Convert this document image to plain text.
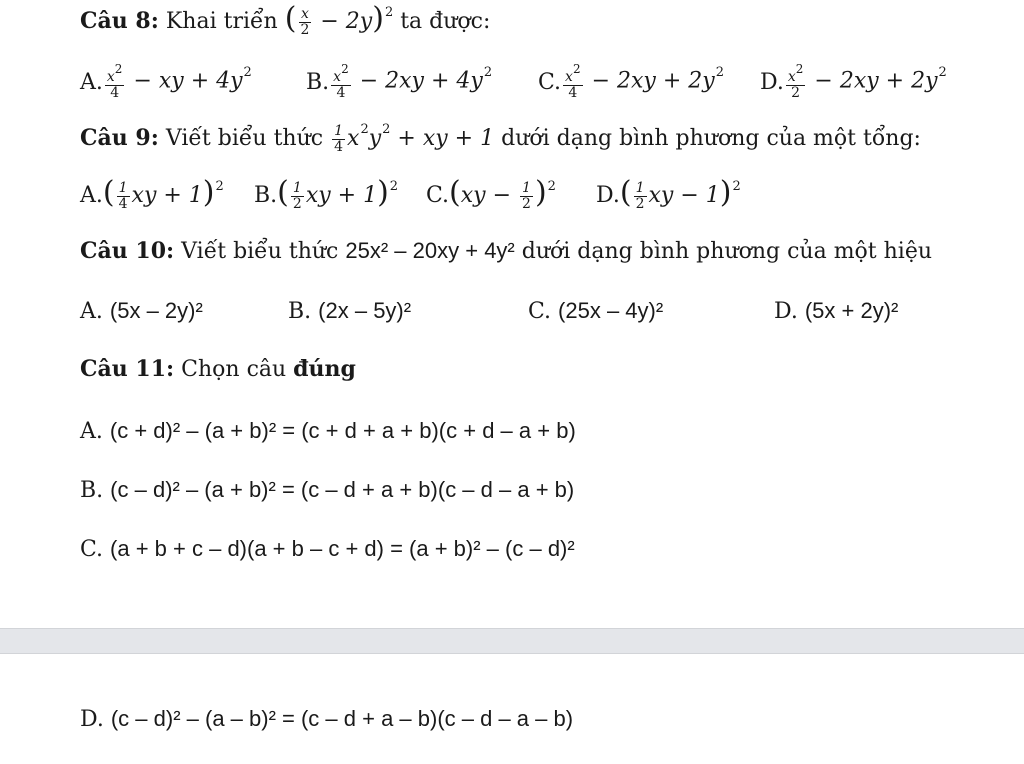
Câu 8: Khai triển ( $\frac{x}{2} - 2y)^2$ ta được:
A. $\frac{x^2}{4}$ − xy + $4y^2$ B. $\frac{x^2}{4} - 2xy + 4y^2$ C. $\frac{x^2}{4} - 2xy + 2y^2$ D. $\frac{x^2}{2} - 2xy + 2y^2$
Câu 9: Viết biểu thức $\frac{1}{4} x^2y^2$ + xy + 1 dưới dạng bình phương của một tổng:
A. ( $\frac{1}{4}$ xy + 1)$^2$ B. ( $\frac{1}{2}$ xy + 1)$^2$ C. $(xy - \frac{1}{2} )^2$ D. ( $\frac{1}{2}$ xy − 1)$^2$
Câu 10: Viết biểu thức 25x² – 20xy + 4y² dưới dạng bình phương của một hiệu
A.
(5x – 2y)²	B.
(2x – 5y)²	C.
(25x – 4y)²	D.
(5x + 2y)²
Câu 11: Chọn câu đúng
A. (c + d)² – (a + b)² = (c + d + a + b)(c + d – a + b)
B. (c – d)² – (a + b)² = (c – d + a + b)(c – d – a + b)
C. (a + b + c – d)(a + b – c + d) = (a + b)² – (c – d)²
D. (c – d)² – (a – b)² = (c – d + a – b)(c – d – a – b)
